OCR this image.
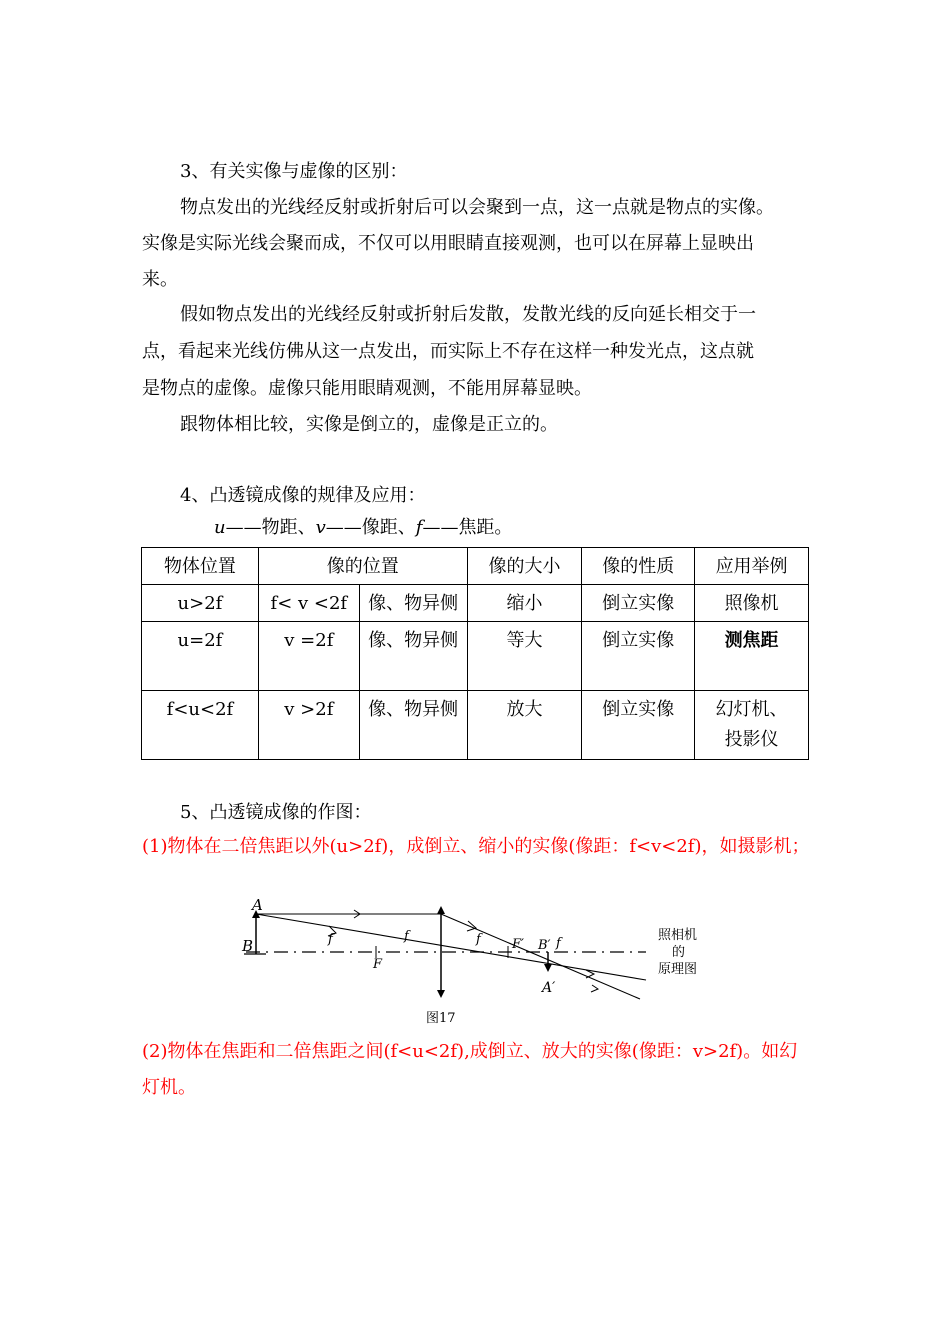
3、有关实像与虚像的区别：
物点发出的光线经反射或折射后可以会聚到一点，这一点就是物点的实像。
实像是实际光线会聚而成，不仅可以用眼睛直接观测，也可以在屏幕上显映出
来。
假如物点发出的光线经反射或折射后发散，发散光线的反向延长相交于一
点，看起来光线仿佛从这一点发出，而实际上不存在这样一种发光点，这点就
是物点的虚像。虚像只能用眼睛观测，不能用屏幕显映。
跟物体相比较，实像是倒立的，虚像是正立的。
4、凸透镜成像的规律及应用：
u——物距、v——像距、f——焦距。
物体位置	像的位置		像的大小	像的性质	应用举例
u>2f	f< v <2f	像、物异侧	缩小	倒立实像	照像机
u=2f	v =2f	像、物异侧	等大	倒立实像	测焦距
f<u<2f	v >2f	像、物异侧	放大	倒立实像	幻灯机、
投影仪
5、凸透镜成像的作图：
(1)物体在二倍焦距以外(u>2f)，成倒立、缩小的实像(像距：f<v<2f)，如摄影机；
A
B	f	f
F
f F′ B′ f
A′
照相机
的
原理图
图17
(2)物体在焦距和二倍焦距之间(f<u<2f),成倒立、放大的实像(像距：v>2f)。如幻
灯机。
